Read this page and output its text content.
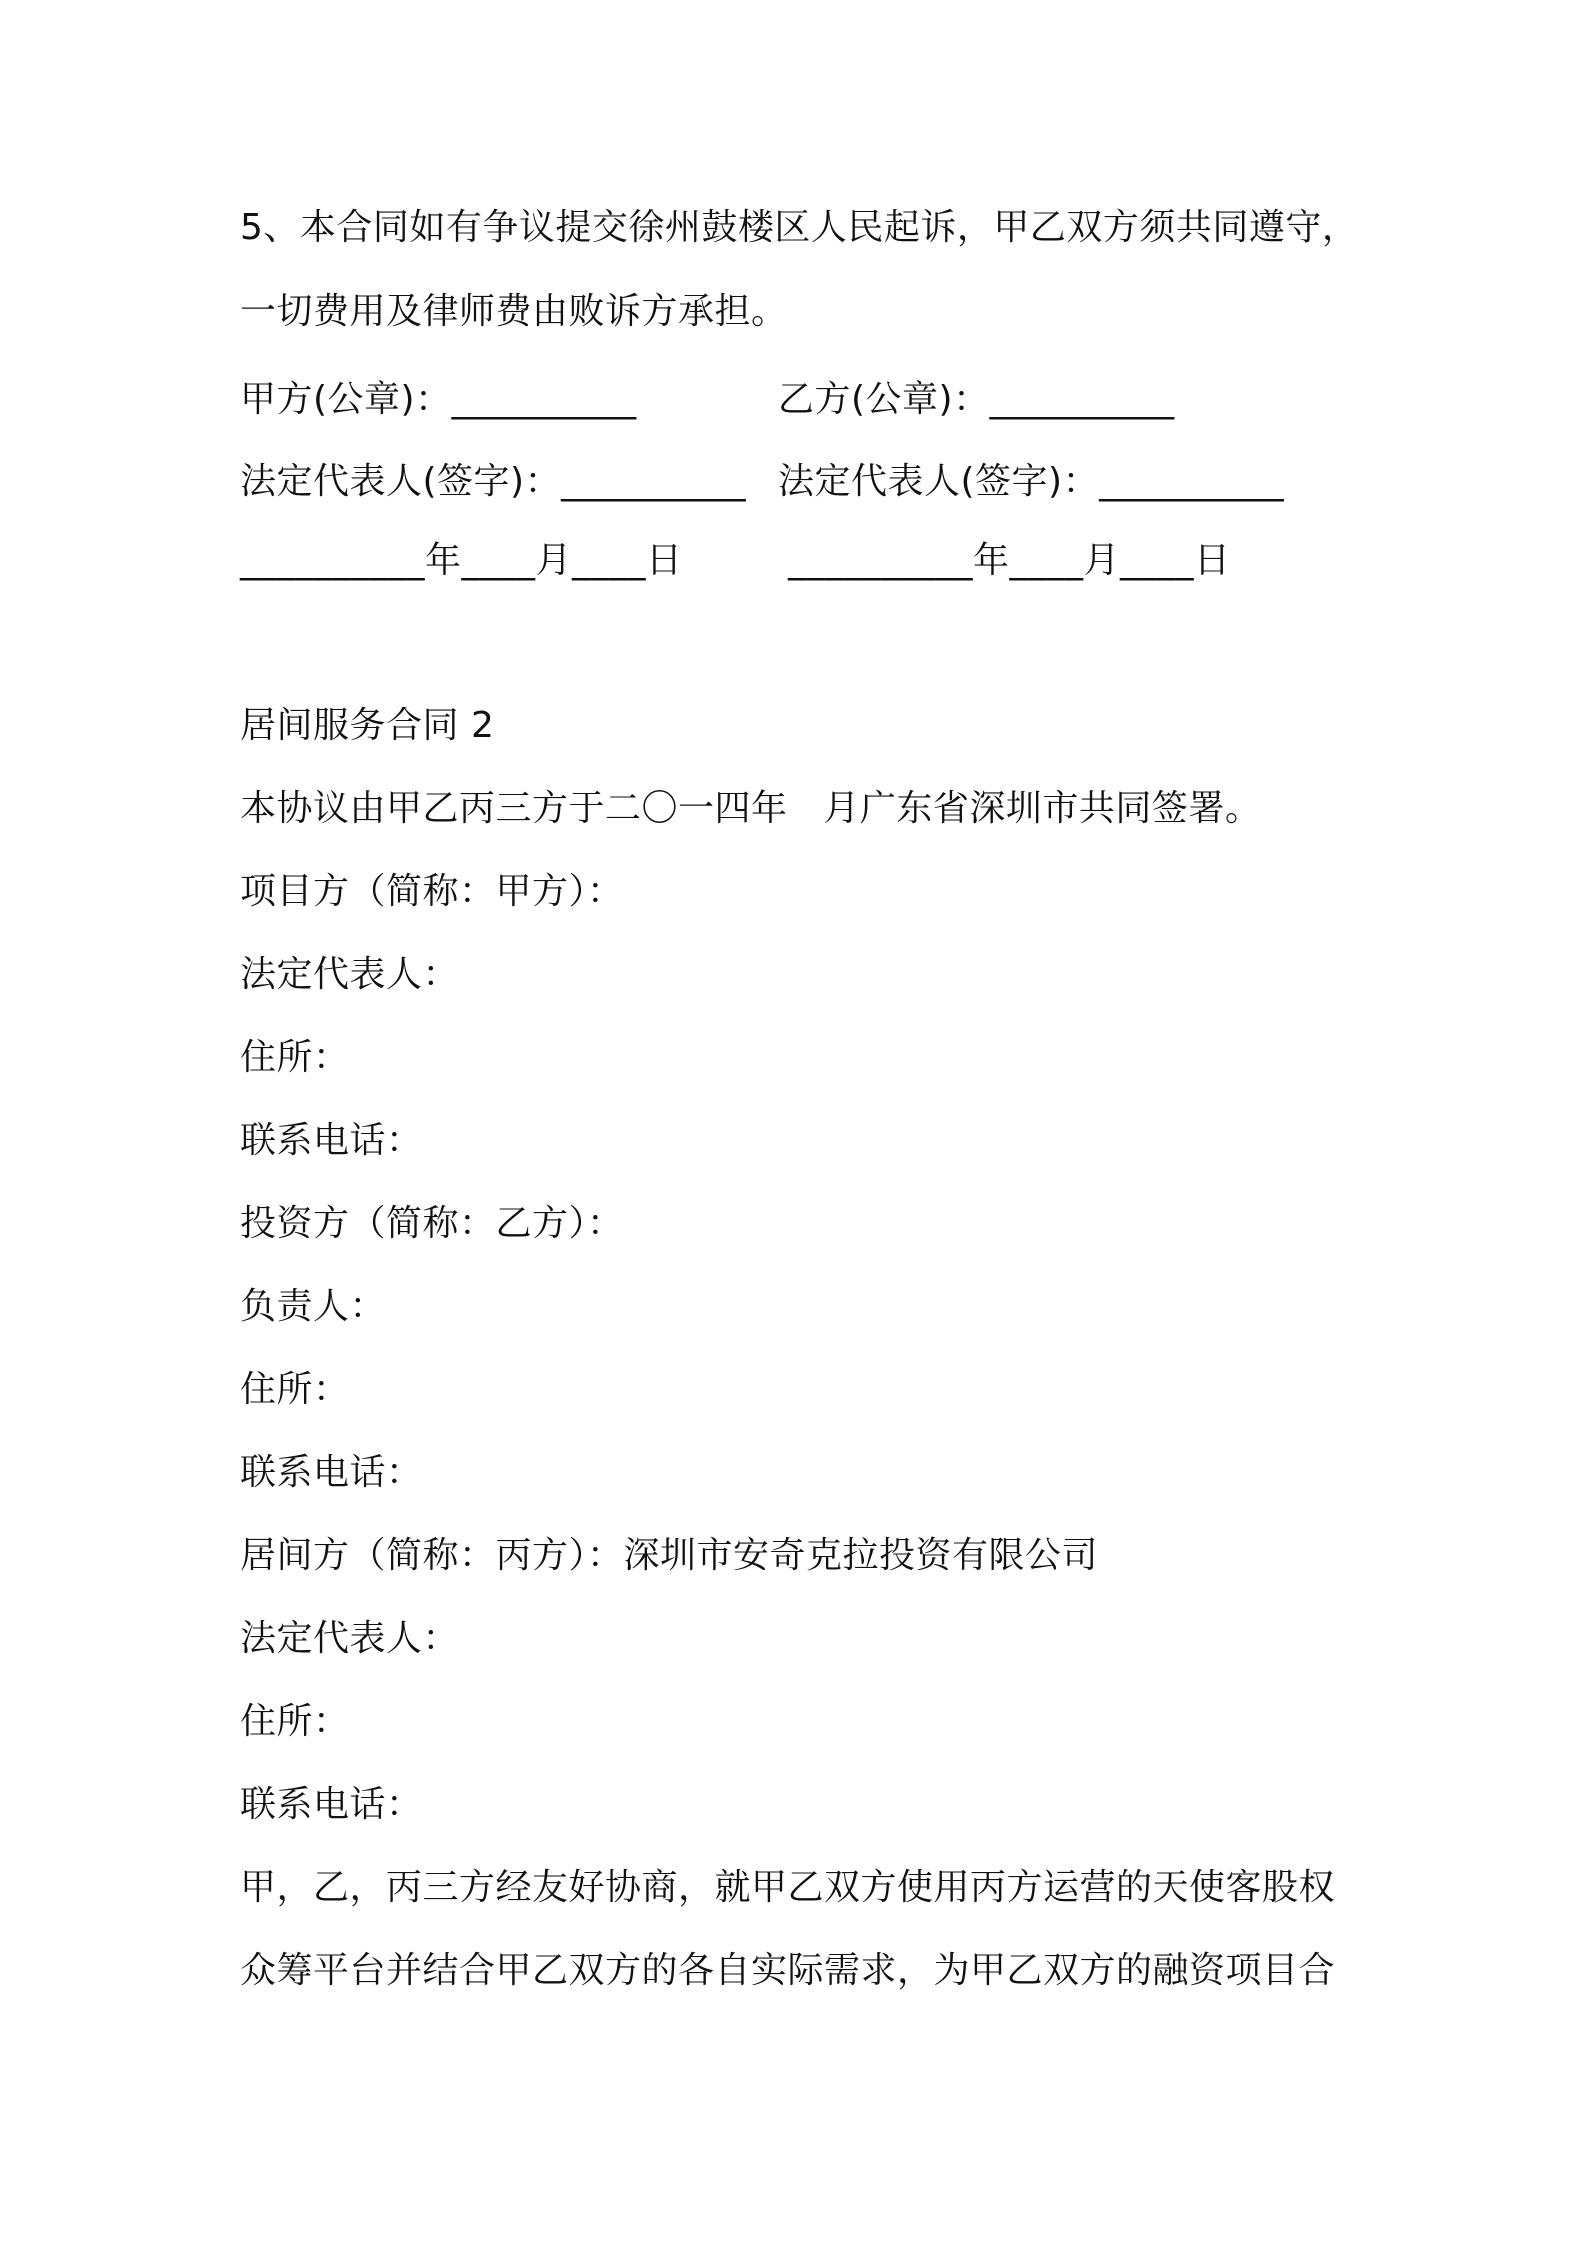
5、本合同如有争议提交徐州鼓楼区人民起诉，甲乙双方须共同遵守，
一切费用及律师费由败诉方承担。
甲方(公章)：__________	乙方(公章)：__________
法定代表人(签字)：__________ 法定代表人(签字)：__________
__________年____月____日	__________年____月____日
居间服务合同 2
本协议由甲乙丙三方于二〇一四年   月广东省深圳市共同签署。
项目方（简称：甲方）：
法定代表人：
住所：
联系电话：
投资方（简称：乙方）：
负责人：
住所：
联系电话：
居间方（简称：丙方）：深圳市安奇克拉投资有限公司
法定代表人：
住所：
联系电话：
甲，乙，丙三方经友好协商，就甲乙双方使用丙方运营的天使客股权
众筹平台并结合甲乙双方的各自实际需求，为甲乙双方的融资项目合
